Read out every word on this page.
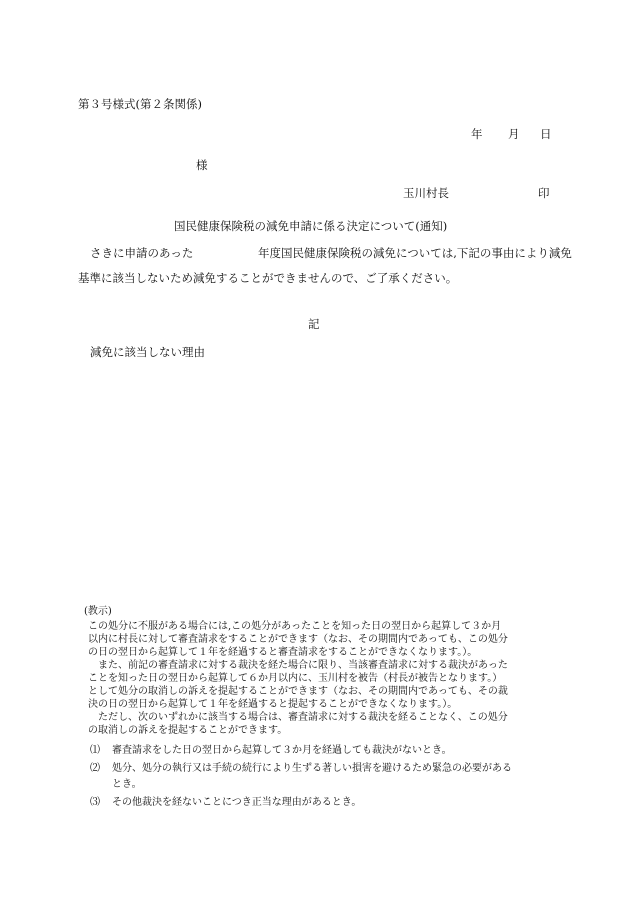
第３号様式(第２条関係)
年 月 日
様
玉川村長	印
国民健康保険税の減免申請に係る決定について(通知)
さきに申請のあった	年度国民健康保険税の減免については,下記の事由により減免
基準に該当しないため減免することができませんので、ご了承ください。
記
減免に該当しない理由
(教示)
この処分に不服がある場合には,この処分があったことを知った日の翌日から起算して３か月
以内に村長に対して審査請求をすることができます（なお、その期間内であっても、この処分
の日の翌日から起算して１年を経過すると審査請求をすることができなくなります。）。
　また、前記の審査請求に対する裁決を経た場合に限り、当該審査請求に対する裁決があった
ことを知った日の翌日から起算して６か月以内に、玉川村を被告（村長が被告となります。）
として処分の取消しの訴えを提起することができます（なお、その期間内であっても、その裁
決の日の翌日から起算して１年を経過すると提起することができなくなります。）。
　ただし、次のいずれかに該当する場合は、審査請求に対する裁決を経ることなく、この処分
の取消しの訴えを提起することができます。
⑴ 審査請求をした日の翌日から起算して３か月を経過しても裁決がないとき。
⑵ 処分、処分の執行又は手続の続行により生ずる著しい損害を避けるため緊急の必要がある
とき。
⑶ その他裁決を経ないことにつき正当な理由があるとき。
